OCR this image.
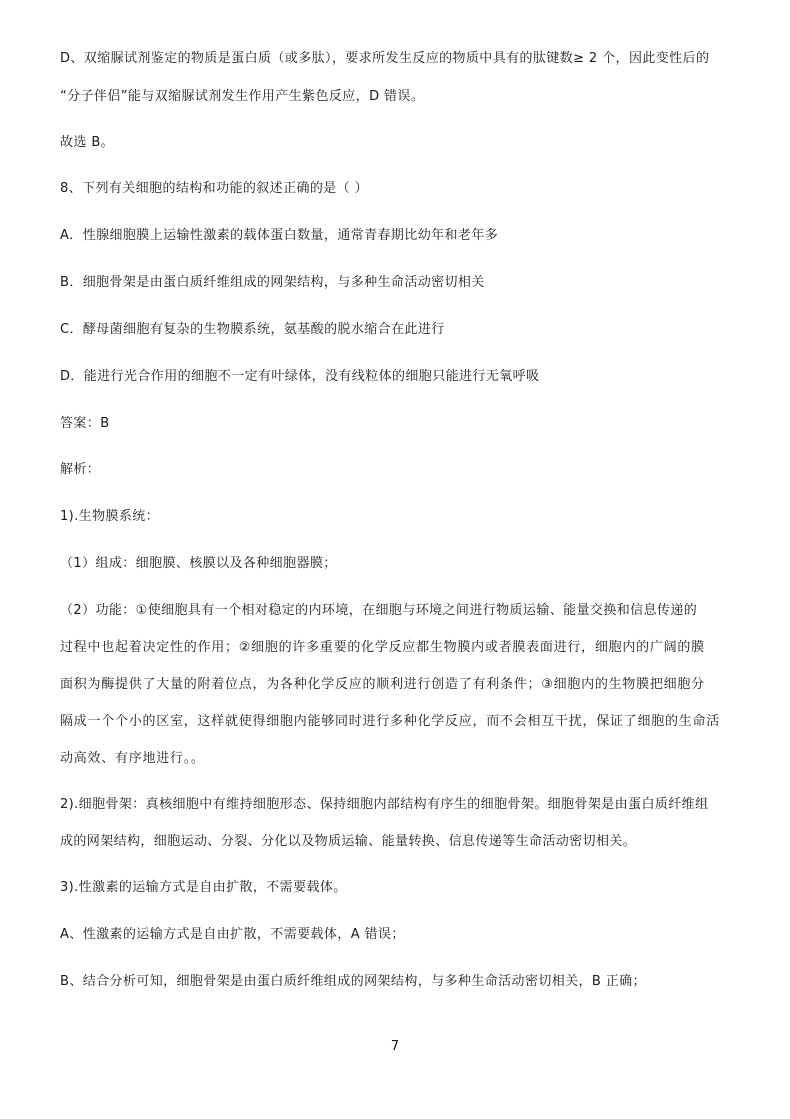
D、双缩脲试剂鉴定的物质是蛋白质（或多肽），要求所发生反应的物质中具有的肽键数≥ 2 个，因此变性后的
“分子伴侣”能与双缩脲试剂发生作用产生紫色反应，D 错误。
故选 B。
8、下列有关细胞的结构和功能的叙述正确的是（ ）
A．性腺细胞膜上运输性激素的载体蛋白数量，通常青春期比幼年和老年多
B．细胞骨架是由蛋白质纤维组成的网架结构，与多种生命活动密切相关
C．酵母菌细胞有复杂的生物膜系统，氨基酸的脱水缩合在此进行
D．能进行光合作用的细胞不一定有叶绿体，没有线粒体的细胞只能进行无氧呼吸
答案：B
解析：
1).生物膜系统：
（1）组成：细胞膜、核膜以及各种细胞器膜；
（2）功能：①使细胞具有一个相对稳定的内环境，在细胞与环境之间进行物质运输、能量交换和信息传递的
过程中也起着决定性的作用；②细胞的许多重要的化学反应都生物膜内或者膜表面进行，细胞内的广阔的膜
面积为酶提供了大量的附着位点，为各种化学反应的顺利进行创造了有利条件；③细胞内的生物膜把细胞分
隔成一个个小的区室，这样就使得细胞内能够同时进行多种化学反应，而不会相互干扰，保证了细胞的生命活
动高效、有序地进行。。
2).细胞骨架：真核细胞中有维持细胞形态、保持细胞内部结构有序生的细胞骨架。细胞骨架是由蛋白质纤维组
成的网架结构，细胞运动、分裂、分化以及物质运输、能量转换、信息传递等生命活动密切相关。
3).性激素的运输方式是自由扩散，不需要载体。
A、性激素的运输方式是自由扩散，不需要载体，A 错误；
B、结合分析可知，细胞骨架是由蛋白质纤维组成的网架结构，与多种生命活动密切相关，B 正确；
7
